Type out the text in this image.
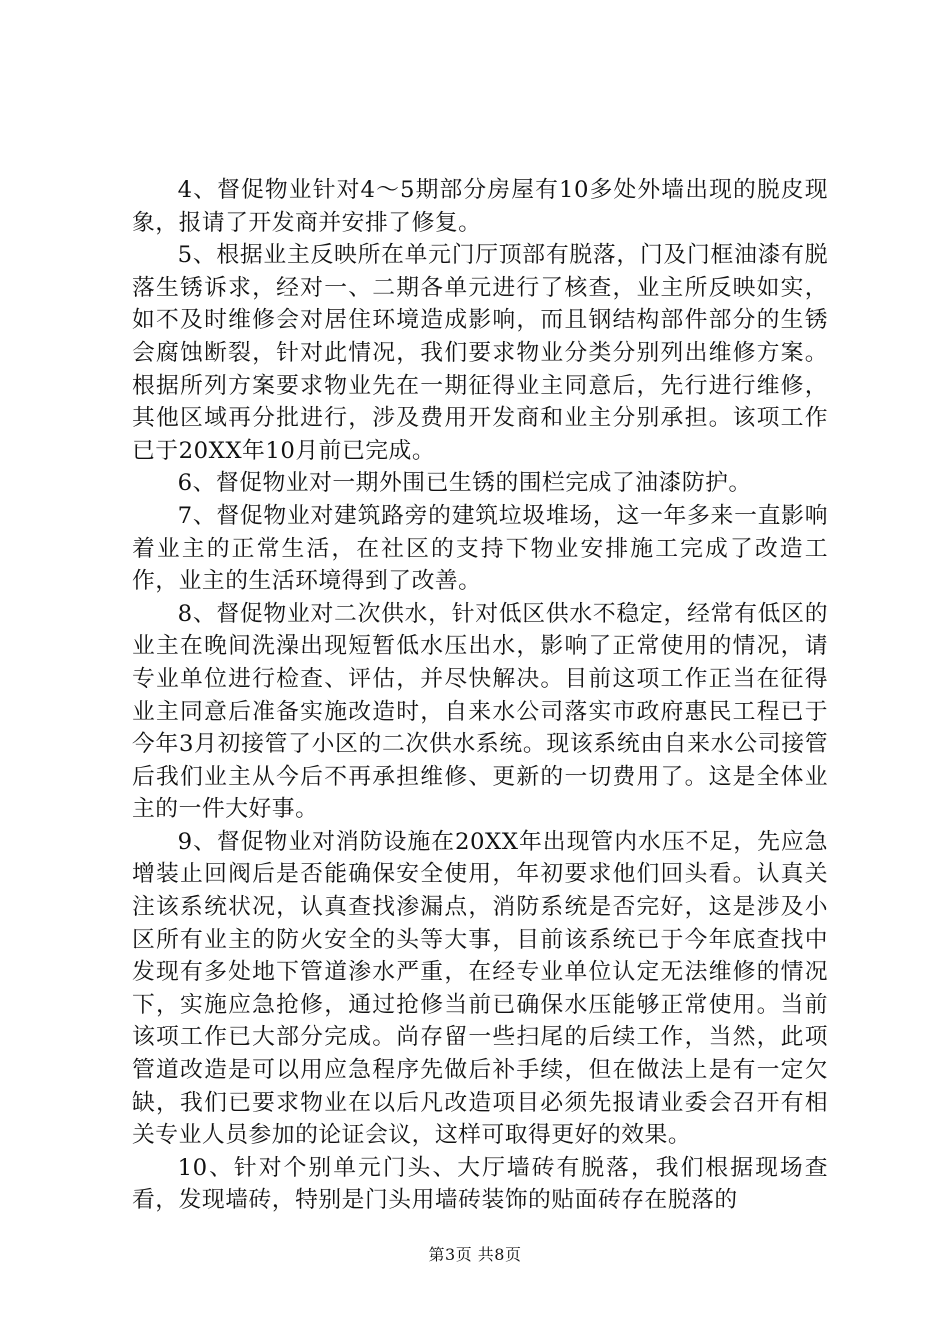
4、督促物业针对4～5期部分房屋有10多处外墙出现的脱皮现象，报请了开发商并安排了修复。

5、根据业主反映所在单元门厅顶部有脱落，门及门框油漆有脱落生锈诉求，经对一、二期各单元进行了核查，业主所反映如实，如不及时维修会对居住环境造成影响，而且钢结构部件部分的生锈会腐蚀断裂，针对此情况，我们要求物业分类分别列出维修方案。根据所列方案要求物业先在一期征得业主同意后，先行进行维修，其他区域再分批进行，涉及费用开发商和业主分别承担。该项工作已于20XX年10月前已完成。

6、督促物业对一期外围已生锈的围栏完成了油漆防护。

7、督促物业对建筑路旁的建筑垃圾堆场，这一年多来一直影响着业主的正常生活，在社区的支持下物业安排施工完成了改造工作，业主的生活环境得到了改善。

8、督促物业对二次供水，针对低区供水不稳定，经常有低区的业主在晚间洗澡出现短暂低水压出水，影响了正常使用的情况，请专业单位进行检查、评估，并尽快解决。目前这项工作正当在征得业主同意后准备实施改造时，自来水公司落实市政府惠民工程已于今年3月初接管了小区的二次供水系统。现该系统由自来水公司接管后我们业主从今后不再承担维修、更新的一切费用了。这是全体业主的一件大好事。

9、督促物业对消防设施在20XX年出现管内水压不足，先应急增装止回阀后是否能确保安全使用，年初要求他们回头看。认真关注该系统状况，认真查找渗漏点，消防系统是否完好，这是涉及小区所有业主的防火安全的头等大事，目前该系统已于今年底查找中发现有多处地下管道渗水严重，在经专业单位认定无法维修的情况下，实施应急抢修，通过抢修当前已确保水压能够正常使用。当前该项工作已大部分完成。尚存留一些扫尾的后续工作，当然，此项管道改造是可以用应急程序先做后补手续，但在做法上是有一定欠缺，我们已要求物业在以后凡改造项目必须先报请业委会召开有相关专业人员参加的论证会议，这样可取得更好的效果。

10、针对个别单元门头、大厅墙砖有脱落，我们根据现场查看，发现墙砖，特别是门头用墙砖装饰的贴面砖存在脱落的

第3页 共8页
